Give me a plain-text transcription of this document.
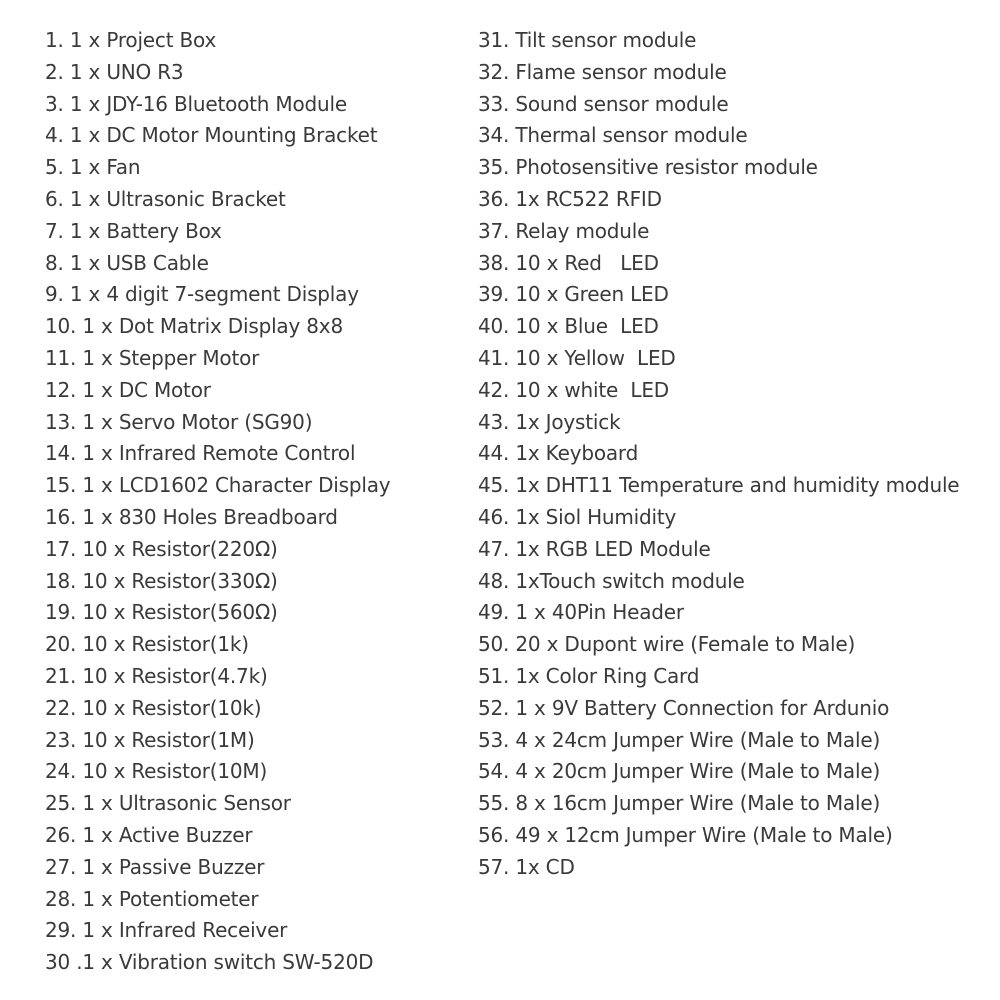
1. 1 x Project Box
2. 1 x UNO R3
3. 1 x JDY-16 Bluetooth Module
4. 1 x DC Motor Mounting Bracket
5. 1 x Fan
6. 1 x Ultrasonic Bracket
7. 1 x Battery Box
8. 1 x USB Cable
9. 1 x 4 digit 7-segment Display
10. 1 x Dot Matrix Display 8x8
11. 1 x Stepper Motor
12. 1 x DC Motor
13. 1 x Servo Motor (SG90)
14. 1 x Infrared Remote Control
15. 1 x LCD1602 Character Display
16. 1 x 830 Holes Breadboard
17. 10 x Resistor(220Ω)
18. 10 x Resistor(330Ω)
19. 10 x Resistor(560Ω)
20. 10 x Resistor(1k)
21. 10 x Resistor(4.7k)
22. 10 x Resistor(10k)
23. 10 x Resistor(1M)
24. 10 x Resistor(10M)
25. 1 x Ultrasonic Sensor
26. 1 x Active Buzzer
27. 1 x Passive Buzzer
28. 1 x Potentiometer
29. 1 x Infrared Receiver
30 .1 x Vibration switch SW-520D
31. Tilt sensor module
32. Flame sensor module
33. Sound sensor module
34. Thermal sensor module
35. Photosensitive resistor module
36. 1x RC522 RFID
37. Relay module
38. 10 x Red   LED
39. 10 x Green LED
40. 10 x Blue  LED
41. 10 x Yellow  LED
42. 10 x white  LED
43. 1x Joystick
44. 1x Keyboard
45. 1x DHT11 Temperature and humidity module
46. 1x Siol Humidity
47. 1x RGB LED Module
48. 1xTouch switch module
49. 1 x 40Pin Header
50. 20 x Dupont wire (Female to Male)
51. 1x Color Ring Card
52. 1 x 9V Battery Connection for Ardunio
53. 4 x 24cm Jumper Wire (Male to Male)
54. 4 x 20cm Jumper Wire (Male to Male)
55. 8 x 16cm Jumper Wire (Male to Male)
56. 49 x 12cm Jumper Wire (Male to Male)
57. 1x CD
